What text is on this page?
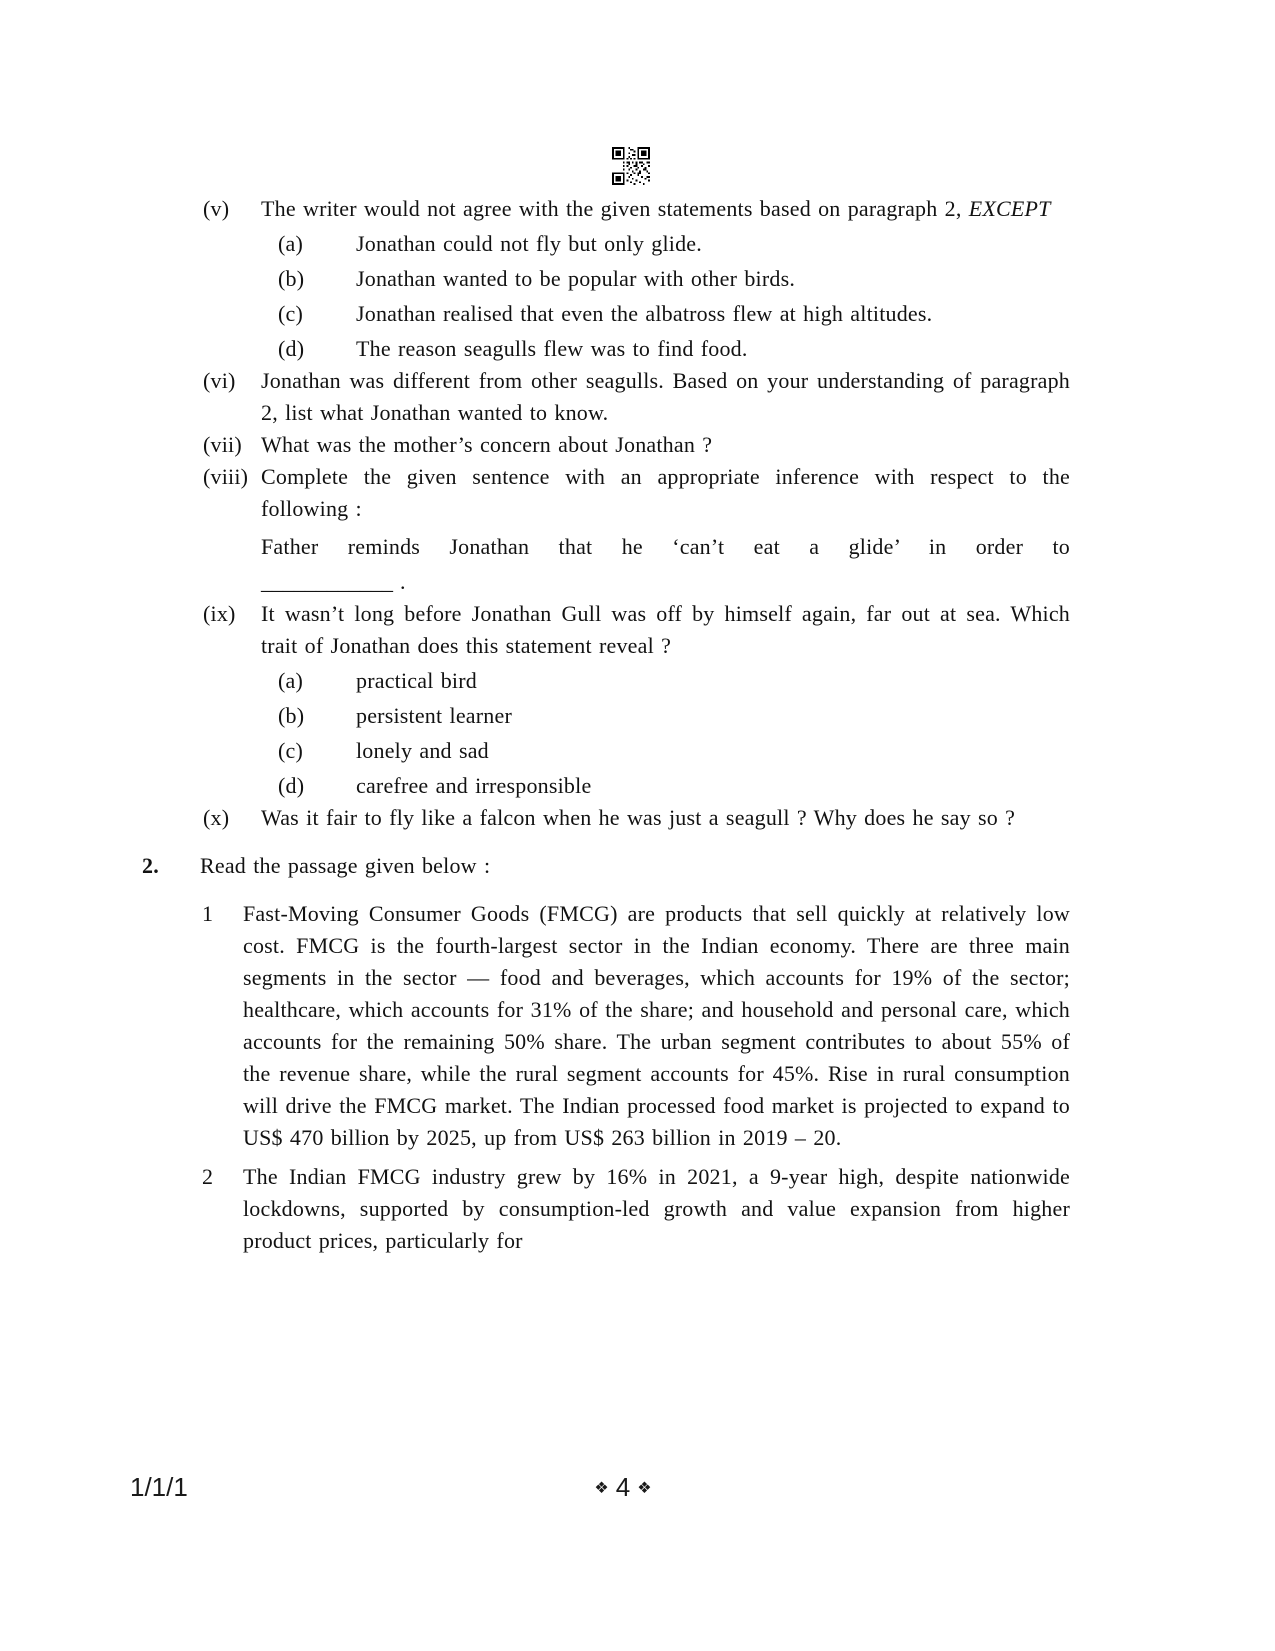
(v)	The writer would not agree with the given statements based on paragraph 2, EXCEPT

(a)	Jonathan could not fly but only glide.
(b)	Jonathan wanted to be popular with other birds.
(c)	Jonathan realised that even the albatross flew at high altitudes.
(d)	The reason seagulls flew was to find food.
(vi)	Jonathan was different from other seagulls. Based on your understanding of paragraph 2, list what Jonathan wanted to know.

(vii) What was the mother’s concern about Jonathan ?

(viii) Complete the given sentence with an appropriate inference with respect to the following :

Father reminds Jonathan that he ‘can’t eat a glide’ in order to

____________ .

(ix)	It wasn’t long before Jonathan Gull was off by himself again, far out at sea. Which trait of Jonathan does this statement reveal ?

(a)	practical bird
(b)	persistent learner
(c)	lonely and sad
(d)	carefree and irresponsible
(x)	Was it fair to fly like a falcon when he was just a seagull ? Why does he say so ?

2.	Read the passage given below :
1	Fast-Moving Consumer Goods (FMCG) are products that sell quickly at relatively low cost. FMCG is the fourth-largest sector in the Indian economy. There are three main segments in the sector — food and beverages, which accounts for 19% of the sector; healthcare, which accounts for 31% of the share; and household and personal care, which accounts for the remaining 50% share. The urban segment contributes to about 55% of the revenue share, while the rural segment accounts for 45%. Rise in rural consumption will drive the FMCG market. The Indian processed food market is projected to expand to US$ 470 billion by 2025, up from US$ 263 billion in 2019 – 20.
2	The Indian FMCG industry grew by 16% in 2021, a 9-year high, despite nationwide lockdowns, supported by consumption-led growth and value expansion from higher product prices, particularly for
1/1/1	❖ 4 ❖
